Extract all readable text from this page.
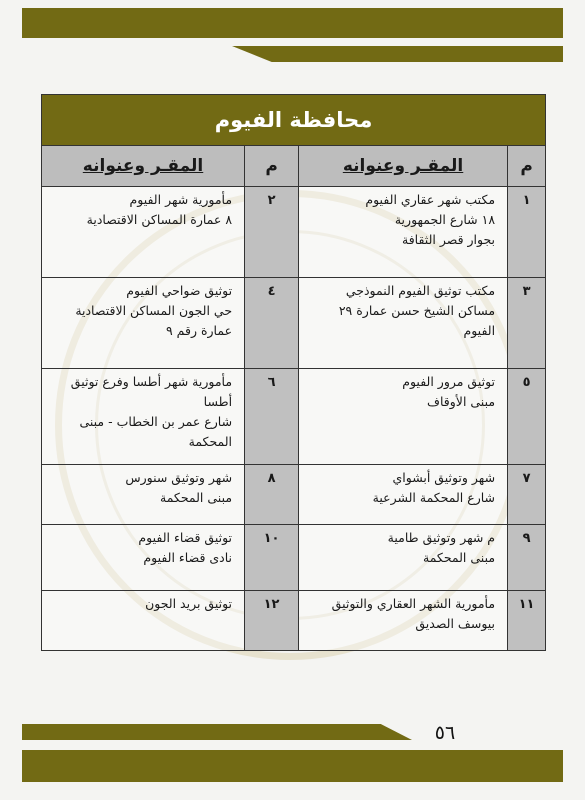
محافظة الفيوم			
م	المقـر وعنوانه	م	المقـر وعنوانه
١	مكتب شهر عقاري الفيوم
١٨ شارع الجمهورية
بجوار قصر الثقافة	٢	مأمورية شهر الفيوم
٨ عمارة المساكن الاقتصادية

٣	مكتب توثيق الفيوم النموذجي
مساكن الشيخ حسن عمارة ٢٩
الفيوم	٤	توثيق ضواحي الفيوم
حي الجون المساكن الاقتصادية
عمارة رقم ٩

٥	توثيق مرور الفيوم
مبنى الأوقاف	٦	مأمورية شهر أطسا وفرع توثيق
أطسا
شارع عمر بن الخطاب - مبنى
المحكمة

٧	شهر وتوثيق أبشواي
شارع المحكمة الشرعية	٨	شهر وتوثيق سنورس
مبنى المحكمة

٩	م شهر وتوثيق طامية
مبنى المحكمة	١٠	توثيق قضاء الفيوم
نادى قضاء الفيوم

١١	مأمورية الشهر العقاري والتوثيق
بيوسف الصديق	١٢	توثيق بريد الجون
٥٦
